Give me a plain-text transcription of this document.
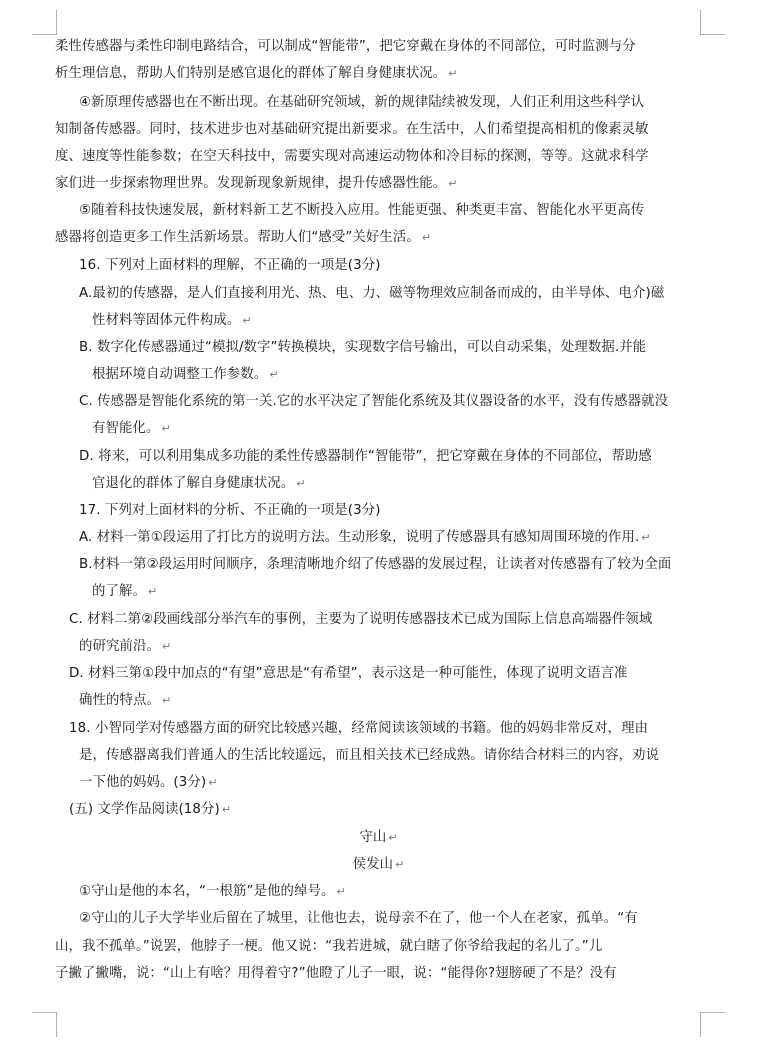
柔性传感器与柔性印制电路结合，可以制成“智能带”，把它穿戴在身体的不同部位，可时监测与分
析生理信息，帮助人们特别是感官退化的群体了解自身健康状况。 ↵
④新原理传感器也在不断出现。在基础研究领域，新的规律陆续被发现，人们正利用这些科学认
知制备传感器。同时，技术进步也对基础研究提出新要求。在生活中，人们希望提高相机的像素灵敏
度、速度等性能参数；在空天科技中，需要实现对高速运动物体和冷目标的探测，等等。这就求科学
家们进一步探索物理世界。发现新现象新规律，提升传感器性能。 ↵
⑤随着科技快速发展，新材料新工艺不断投入应用。性能更强、种类更丰富、智能化水平更高传
感器将创造更多工作生活新场景。帮助人们“感受”关好生活。 ↵
16. 下列对上面材料的理解，不正确的一项是(3分)
A.最初的传感器，是人们直接利用光、热、电、力、磁等物理效应制备而成的，由半导体、电介)磁
性材料等固体元件构成。 ↵
B. 数字化传感器通过“模拟/数字”转换模块，实现数字信号输出，可以自动采集，处理数据.并能
根据环境自动调整工作参数。 ↵
C. 传感器是智能化系统的第一关.它的水平决定了智能化系统及其仪器设备的水平，没有传感器就没
有智能化。 ↵
D. 将来，可以利用集成多功能的柔性传感器制作“智能带”，把它穿戴在身体的不同部位，帮助感
官退化的群体了解自身健康状况。 ↵
17. 下列对上面材料的分析、不正确的一项是(3分)
A. 材料一第①段运用了打比方的说明方法。生动形象，说明了传感器具有感知周围环境的作用. ↵
B.材料一第②段运用时间顺序，条理清晰地介绍了传感器的发展过程，让读者对传感器有了较为全面
的了解。 ↵
C. 材料二第②段画线部分举汽车的事例，主要为了说明传感器技术已成为国际上信息高端器件领域
的研究前沿。 ↵
D. 材料三第①段中加点的“有望”意思是“有希望”，表示这是一种可能性，体现了说明文语言准
确性的特点。 ↵
18. 小智同学对传感器方面的研究比较感兴趣，经常阅读该领域的书籍。他的妈妈非常反对，理由
是，传感器离我们普通人的生活比较遥远，而且相关技术已经成熟。请你结合材料三的内容，劝说
一下他的妈妈。(3分) ↵
(五) 文学作品阅读(18分) ↵
守山 ↵
侯发山 ↵
①守山是他的本名，“一根筋”是他的绰号。 ↵
②守山的儿子大学毕业后留在了城里，让他也去，说母亲不在了，他一个人在老家，孤单。“有
山，我不孤单。”说罢，他脖子一梗。他又说：“我若进城，就白瞎了你爷给我起的名儿了。”儿
子撇了撇嘴，说：“山上有啥？用得着守?”他瞪了儿子一眼，说：“能得你?翅膀硬了不是？没有
